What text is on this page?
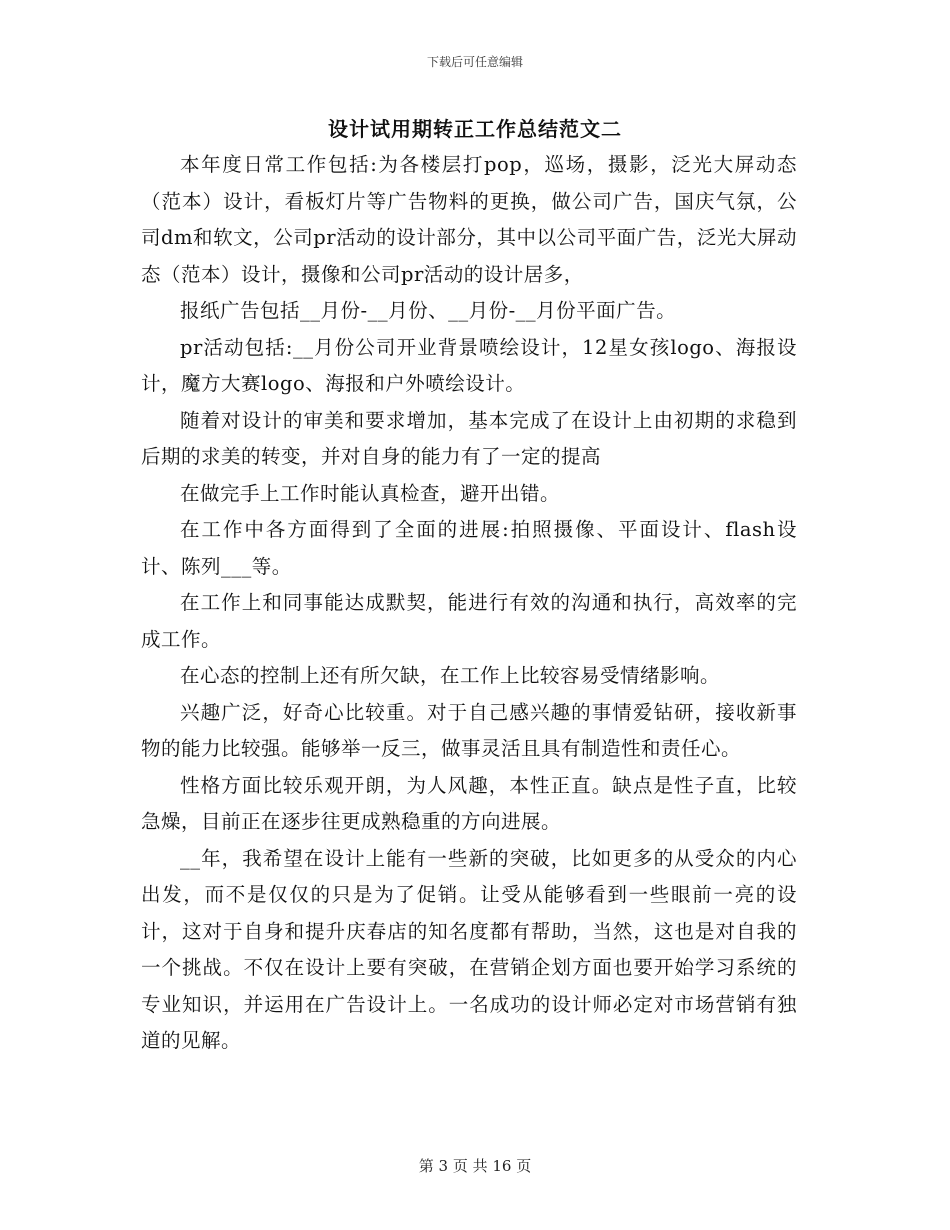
下载后可任意编辑
设计试用期转正工作总结范文二

本年度日常工作包括:为各楼层打pop，巡场，摄影，泛光大屏动态（范本）设计，看板灯片等广告物料的更换，做公司广告，国庆气氛，公司dm和软文，公司pr活动的设计部分，其中以公司平面广告，泛光大屏动态（范本）设计，摄像和公司pr活动的设计居多，

报纸广告包括__月份-__月份、__月份-__月份平面广告。

pr活动包括:__月份公司开业背景喷绘设计，12星女孩logo、海报设计，魔方大赛logo、海报和户外喷绘设计。

随着对设计的审美和要求增加，基本完成了在设计上由初期的求稳到后期的求美的转变，并对自身的能力有了一定的提高

在做完手上工作时能认真检查，避开出错。

在工作中各方面得到了全面的进展:拍照摄像、平面设计、flash设计、陈列___等。

在工作上和同事能达成默契，能进行有效的沟通和执行，高效率的完成工作。

在心态的控制上还有所欠缺，在工作上比较容易受情绪影响。

兴趣广泛，好奇心比较重。对于自己感兴趣的事情爱钻研，接收新事物的能力比较强。能够举一反三，做事灵活且具有制造性和责任心。

性格方面比较乐观开朗，为人风趣，本性正直。缺点是性子直，比较急燥，目前正在逐步往更成熟稳重的方向进展。

__年，我希望在设计上能有一些新的突破，比如更多的从受众的内心出发，而不是仅仅的只是为了促销。让受从能够看到一些眼前一亮的设计，这对于自身和提升庆春店的知名度都有帮助，当然，这也是对自我的一个挑战。不仅在设计上要有突破，在营销企划方面也要开始学习系统的专业知识，并运用在广告设计上。一名成功的设计师必定对市场营销有独道的见解。

第 3 页 共 16 页
